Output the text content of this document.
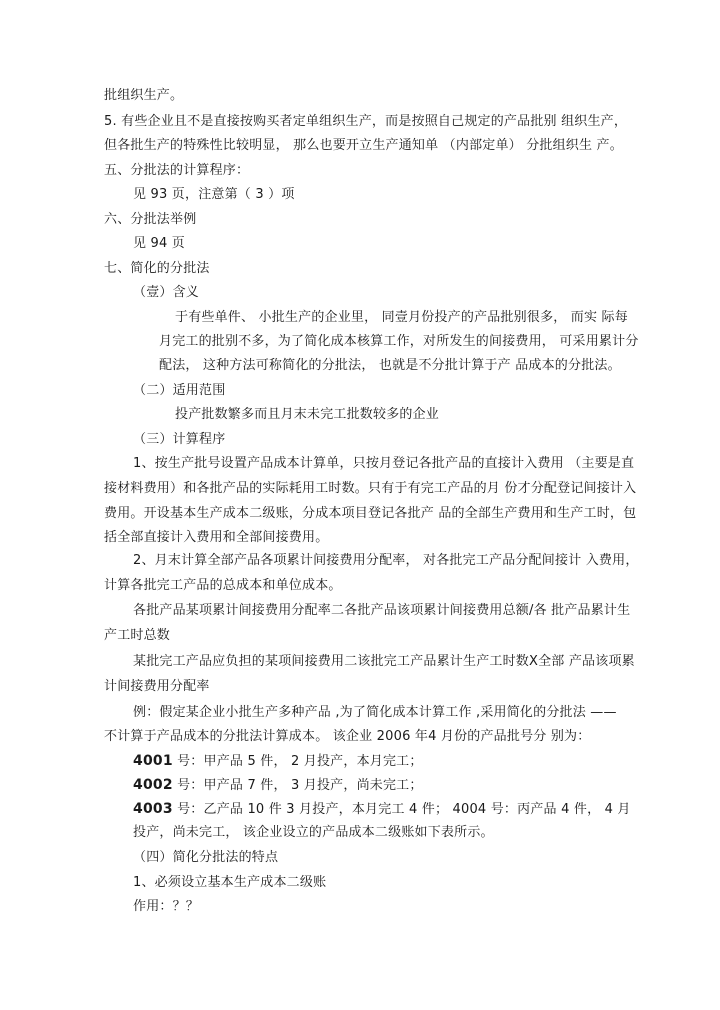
批组织生产。
5. 有些企业且不是直接按购买者定单组织生产，而是按照自己规定的产品批别 组织生产，
但各批生产的特殊性比较明显， 那么也要开立生产通知单 （内部定单） 分批组织生 产。
五、分批法的计算程序：
见 93 页，注意第（ 3 ）项
六、分批法举例
见 94 页
七、简化的分批法
（壹）含义
于有些单件、 小批生产的企业里， 同壹月份投产的产品批别很多， 而实 际每
月完工的批别不多，为了简化成本核算工作，对所发生的间接费用， 可采用累计分
配法， 这种方法可称简化的分批法， 也就是不分批计算于产 品成本的分批法。
（二）适用范围
投产批数繁多而且月末未完工批数较多的企业
（三）计算程序
1、按生产批号设置产品成本计算单，只按月登记各批产品的直接计入费用 （主要是直
接材料费用）和各批产品的实际耗用工时数。只有于有完工产品的月 份才分配登记间接计入
费用。开设基本生产成本二级账，分成本项目登记各批产 品的全部生产费用和生产工时，包
括全部直接计入费用和全部间接费用。
2、月末计算全部产品各项累计间接费用分配率， 对各批完工产品分配间接计 入费用，
计算各批完工产品的总成本和单位成本。
各批产品某项累计间接费用分配率二各批产品该项累计间接费用总额/各 批产品累计生
产工时总数
某批完工产品应负担的某项间接费用二该批完工产品累计生产工时数X全部 产品该项累
计间接费用分配率
例：假定某企业小批生产多种产品 ,为了简化成本计算工作 ,采用简化的分批法 ——
不计算于产品成本的分批法计算成本。 该企业 2006 年4 月份的产品批号分 别为：
4001 号：甲产品 5 件， 2 月投产，本月完工；
4002 号：甲产品 7 件， 3 月投产，尚未完工；
4003 号：乙产品 10 件 3 月投产，本月完工 4 件； 4004 号：丙产品 4 件， 4 月
投产，尚未完工， 该企业设立的产品成本二级账如下表所示。
（四）简化分批法的特点
1、必须设立基本生产成本二级账
作用：？？
